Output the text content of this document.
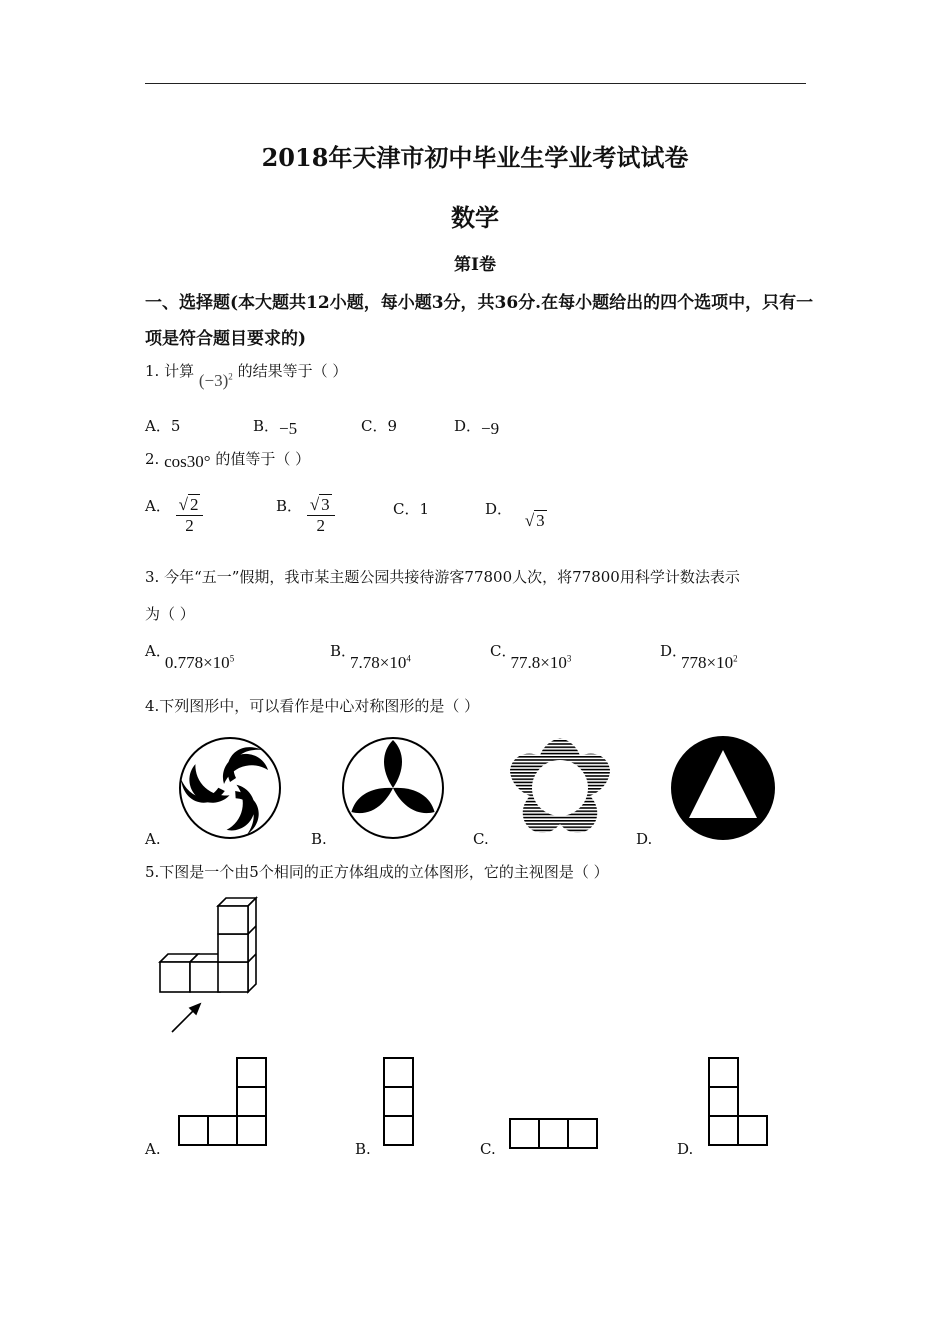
2018年天津市初中毕业生学业考试试卷
数学
第Ⅰ卷
一、选择题(本大题共12小题，每小题3分，共36分.在每小题给出的四个选项中，只有一项是符合题目要求的)
1. 计算 $(-3)^2$ 的结果等于（ ）
A．5	B．−5	C．9	D．−9
2. cos30° 的值等于（ ）
A． $\frac{√ 2}{2}$	B． $\frac{√ 3}{2}$	C．1	D． √ 3
3. 今年“五一”假期，我市某主题公园共接待游客77800人次，将77800用科学计数法表示
为（ ）
A．$0.778\times 10^5$	B．$7.78\times 10^4$	C．$77.8\times 10^3$	D．$778\times 10^2$
4.下列图形中，可以看作是中心对称图形的是（ ）
A.	B.	C.	D.
5.下图是一个由5个相同的正方体组成的立体图形，它的主视图是（ ）
A.	B.	C.	D.
